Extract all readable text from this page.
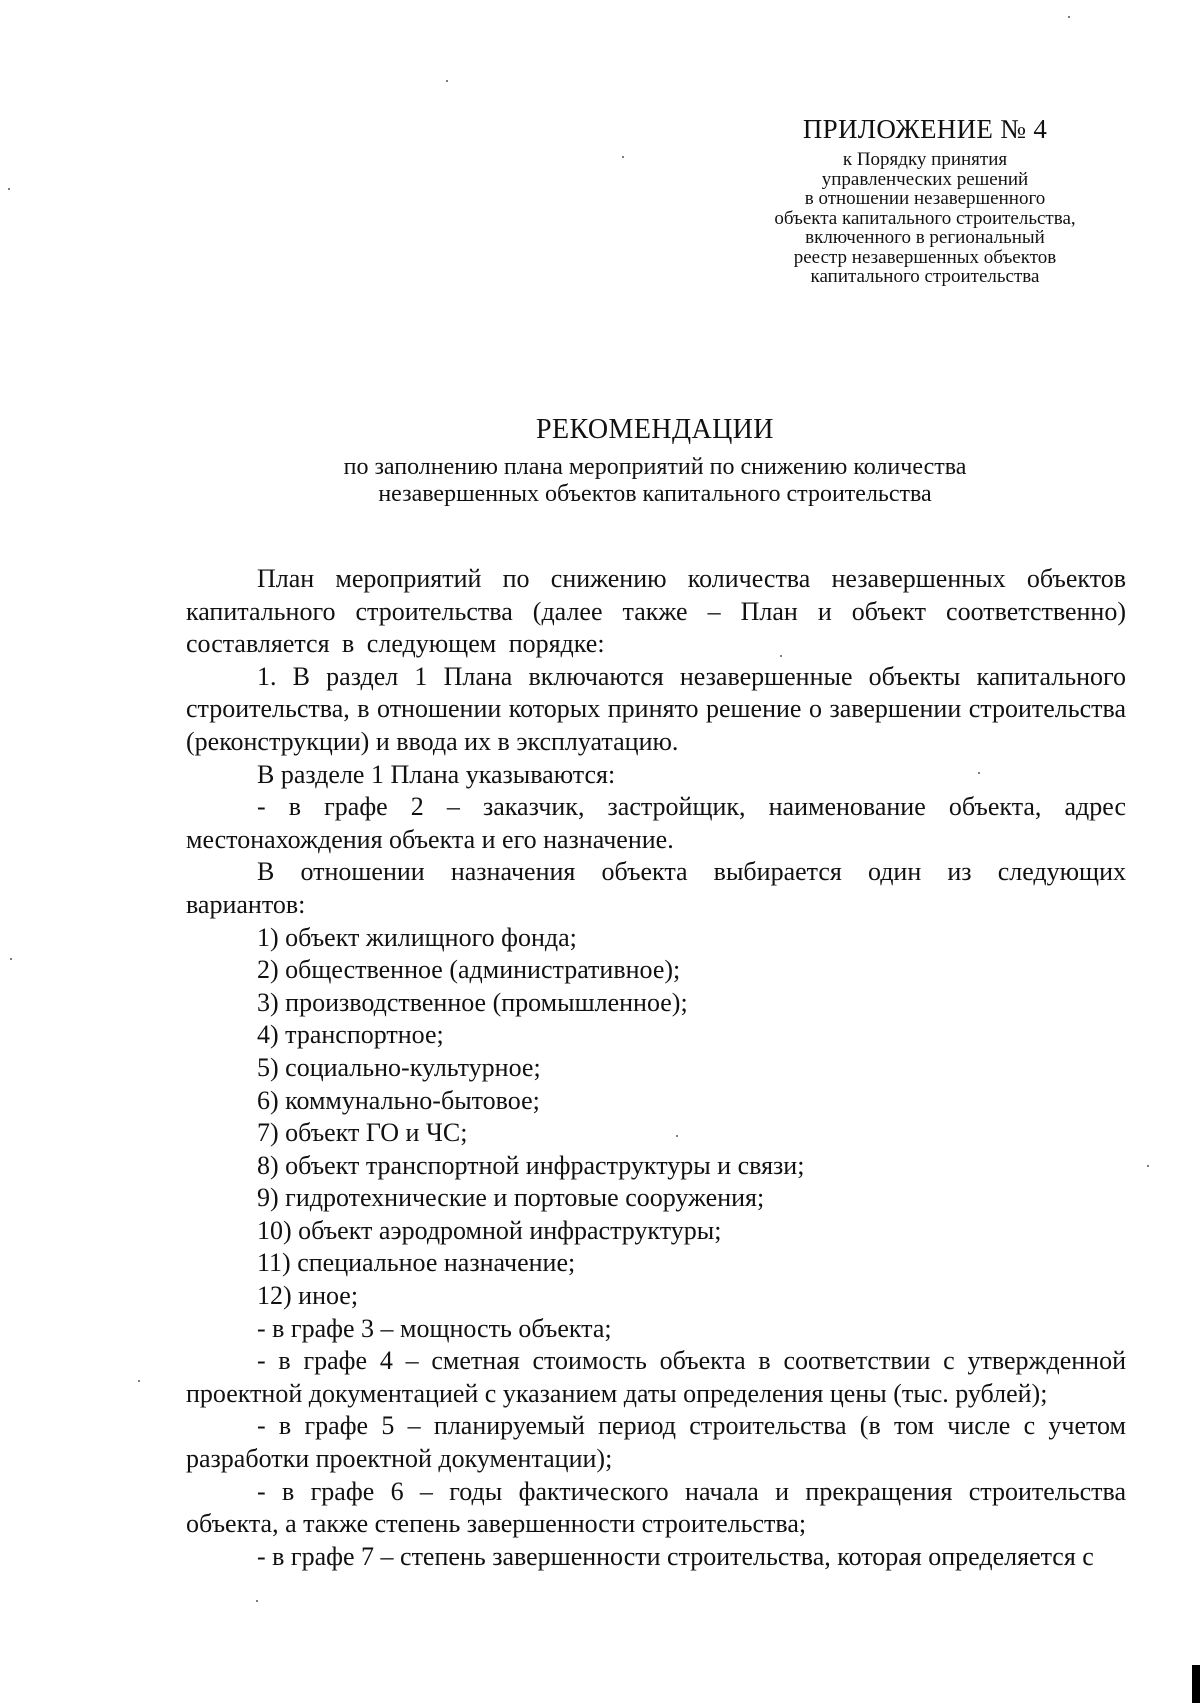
ПРИЛОЖЕНИЕ № 4
к Порядку принятия
управленческих решений
в отношении незавершенного
объекта капитального строительства,
включенного в региональный
реестр незавершенных объектов
капитального строительства
РЕКОМЕНДАЦИИ
по заполнению плана мероприятий по снижению количества
незавершенных объектов капитального строительства

План мероприятий по снижению количества незавершенных объектов капитального строительства (далее также – План и объект соответственно) составляется в следующем порядке:

1. В раздел 1 Плана включаются незавершенные объекты капитального строительства, в отношении которых принято решение о завершении строительства (реконструкции) и ввода их в эксплуатацию.

В разделе 1 Плана указываются:

- в графе 2 – заказчик, застройщик, наименование объекта, адрес местонахождения объекта и его назначение.

В отношении назначения объекта выбирается один из следующих вариантов:

1) объект жилищного фонда;

2) общественное (административное);

3) производственное (промышленное);

4) транспортное;

5) социально-культурное;

6) коммунально-бытовое;

7) объект ГО и ЧС;

8) объект транспортной инфраструктуры и связи;

9) гидротехнические и портовые сооружения;

10) объект аэродромной инфраструктуры;

11) специальное назначение;

12) иное;

- в графе 3 – мощность объекта;

- в графе 4 – сметная стоимость объекта в соответствии с утвержденной проектной документацией с указанием даты определения цены (тыс. рублей);

- в графе 5 – планируемый период строительства (в том числе с учетом разработки проектной документации);

- в графе 6 – годы фактического начала и прекращения строительства объекта, а также степень завершенности строительства;

- в графе 7 – степень завершенности строительства, которая определяется с
